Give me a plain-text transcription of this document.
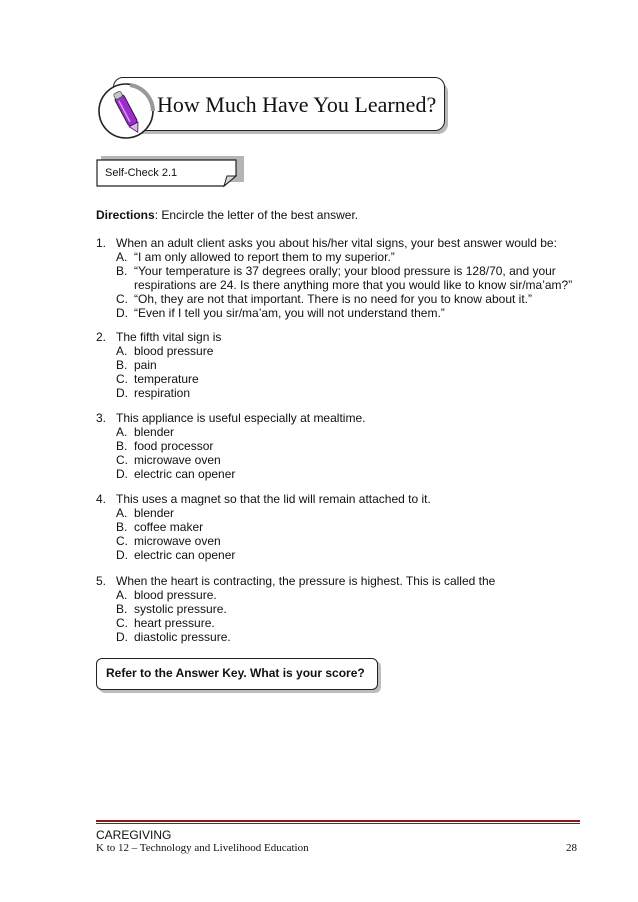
How Much Have You Learned?
Self-Check 2.1
Directions: Encircle the letter of the best answer.
1. When an adult client asks you about his/her vital signs, your best answer would be:
A. “I am only allowed to report them to my superior.”
B. “Your temperature is 37 degrees orally; your blood pressure is 128/70, and your
respirations are 24. Is there anything more that you would like to know sir/ma’am?”
C. “Oh, they are not that important. There is no need for you to know about it.”
D. “Even if I tell you sir/ma’am, you will not understand them.”
2. The fifth vital sign is
A. blood pressure
B. pain
C. temperature
D. respiration
3. This appliance is useful especially at mealtime.
A. blender
B. food processor
C. microwave oven
D. electric can opener
4. This uses a magnet so that the lid will remain attached to it.
A. blender
B. coffee maker
C. microwave oven
D. electric can opener
5. When the heart is contracting, the pressure is highest. This is called the
A. blood pressure.
B. systolic pressure.
C. heart pressure.
D. diastolic pressure.
Refer to the Answer Key. What is your score?
CAREGIVING
K to 12 – Technology and Livelihood Education	28
